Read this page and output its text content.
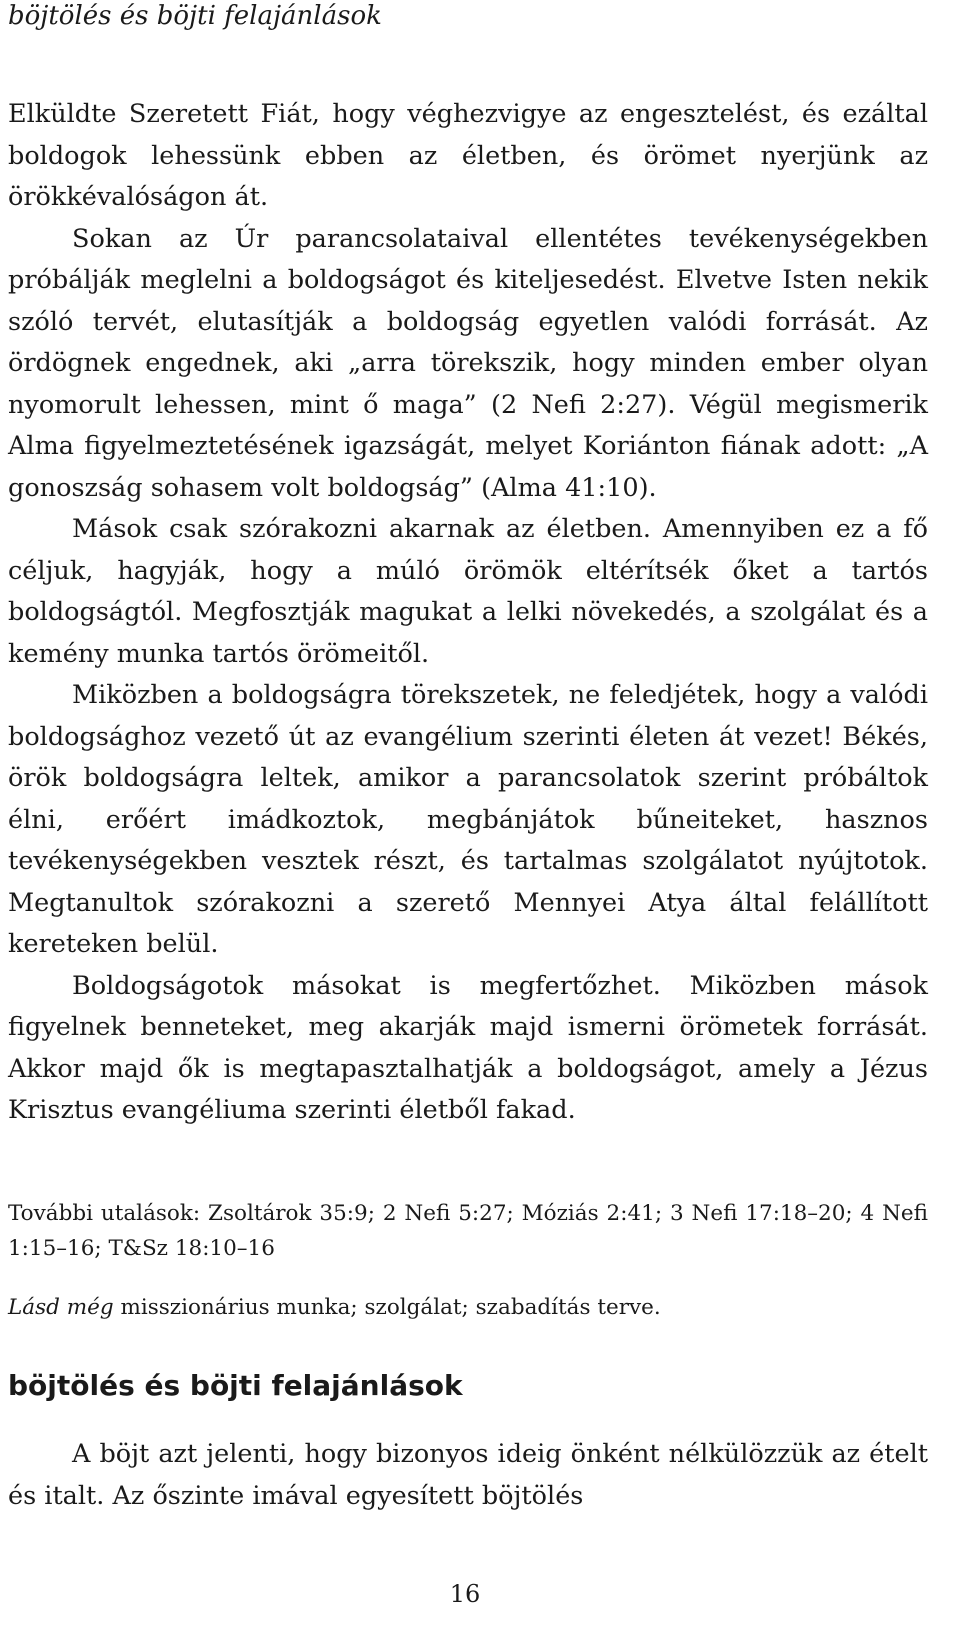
böjtölés és böjti felajánlások

Elküldte Szeretett Fiát, hogy véghezvigye az engesztelést, és ezáltal boldogok lehessünk ebben az életben, és örömet nyerjünk az örökkévalóságon át.

Sokan az Úr parancsolataival ellentétes tevékenységekben próbálják meglelni a boldogságot és kiteljesedést. Elvetve Isten nekik szóló tervét, elutasítják a boldogság egyetlen valódi forrását. Az ördögnek engednek, aki „arra törekszik, hogy minden ember olyan nyomorult lehessen, mint ő maga” (2 Nefi 2:27). Végül megismerik Alma figyelmeztetésének igazságát, melyet Koriánton fiának adott: „A gonoszság sohasem volt boldogság” (Alma 41:10).

Mások csak szórakozni akarnak az életben. Amennyiben ez a fő céljuk, hagyják, hogy a múló örömök eltérítsék őket a tartós boldogságtól. Megfosztják magukat a lelki növekedés, a szolgálat és a kemény munka tartós örömeitől.

Miközben a boldogságra törekszetek, ne feledjétek, hogy a valódi boldogsághoz vezető út az evangélium szerinti életen át vezet! Békés, örök boldogságra leltek, amikor a parancsolatok szerint próbáltok élni, erőért imádkoztok, megbánjátok bűneiteket, hasznos tevékenységekben vesztek részt, és tartalmas szolgálatot nyújtotok. Megtanultok szórakozni a szerető Mennyei Atya által felállított kereteken belül.

Boldogságotok másokat is megfertőzhet. Miközben mások figyelnek benneteket, meg akarják majd ismerni örömetek forrását. Akkor majd ők is megtapasztalhatják a boldogságot, amely a Jézus Krisztus evangéliuma szerinti életből fakad.

További utalások: Zsoltárok 35:9; 2 Nefi 5:27; Móziás 2:41; 3 Nefi 17:18–20; 4 Nefi 1:15–16; T&Sz 18:10–16

Lásd még misszionárius munka; szolgálat; szabadítás terve.
böjtölés és böjti felajánlások

A böjt azt jelenti, hogy bizonyos ideig önként nélkülözzük az ételt és italt. Az őszinte imával egyesített böjtölés

16
